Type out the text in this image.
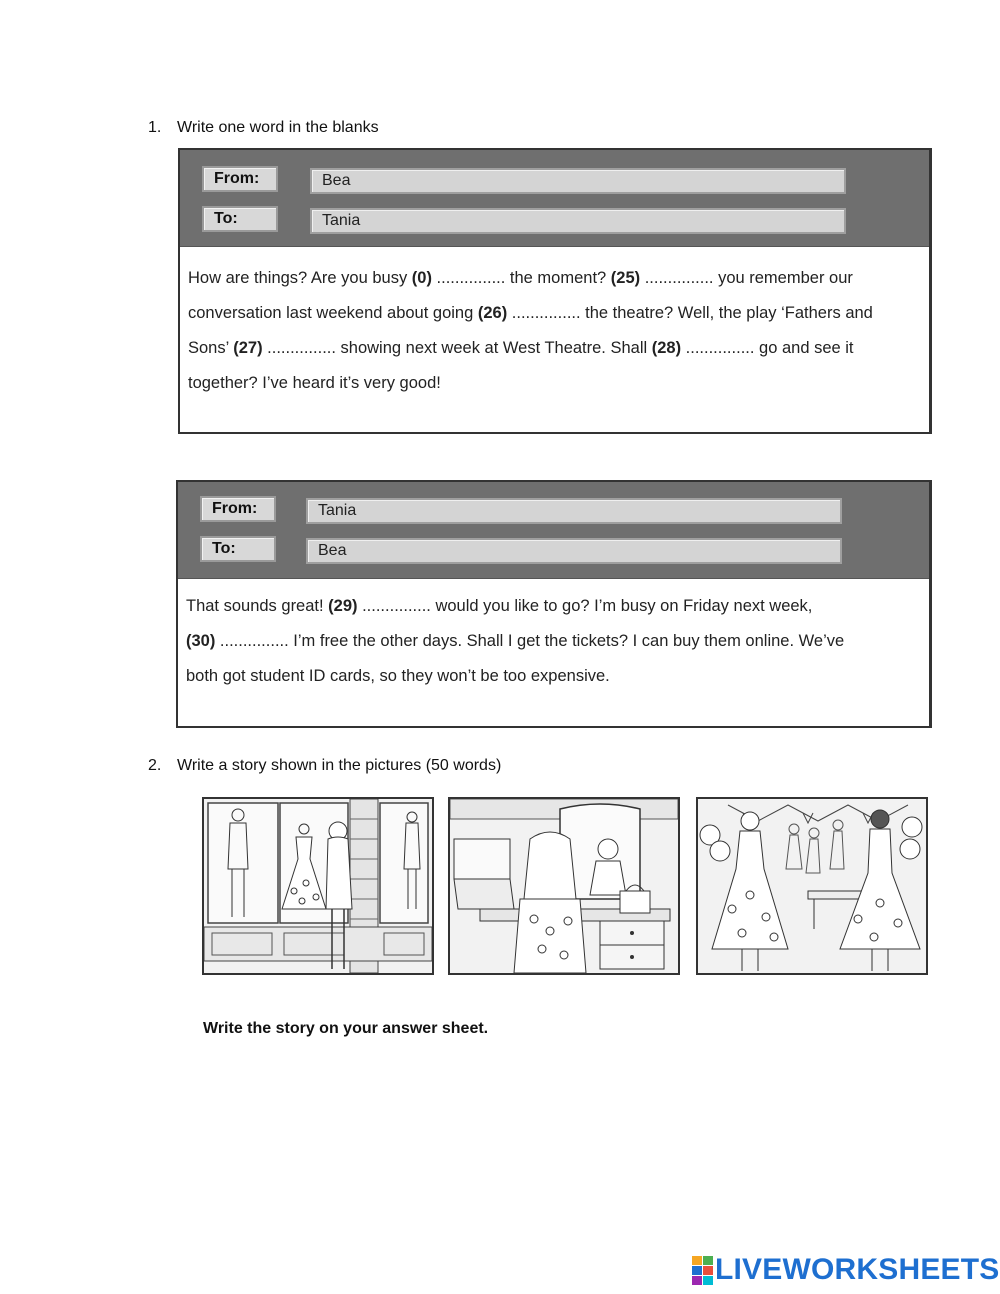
1. Write one word in the blanks
From:	Bea
To:	Tania
How are things? Are you busy (0) ............... the moment? (25) ............... you remember our
conversation last weekend about going (26) ............... the theatre? Well, the play ‘Fathers and
Sons’ (27) ............... showing next week at West Theatre. Shall (28) ............... go and see it
together? I’ve heard it’s very good!
From:	Tania
To:	Bea
That sounds great! (29) ............... would you like to go? I’m busy on Friday next week,
(30) ............... I’m free the other days. Shall I get the tickets? I can buy them online. We’ve
both got student ID cards, so they won’t be too expensive.
2. Write a story shown in the pictures (50 words)
Write the story on your answer sheet.
LIVEWORKSHEETS
